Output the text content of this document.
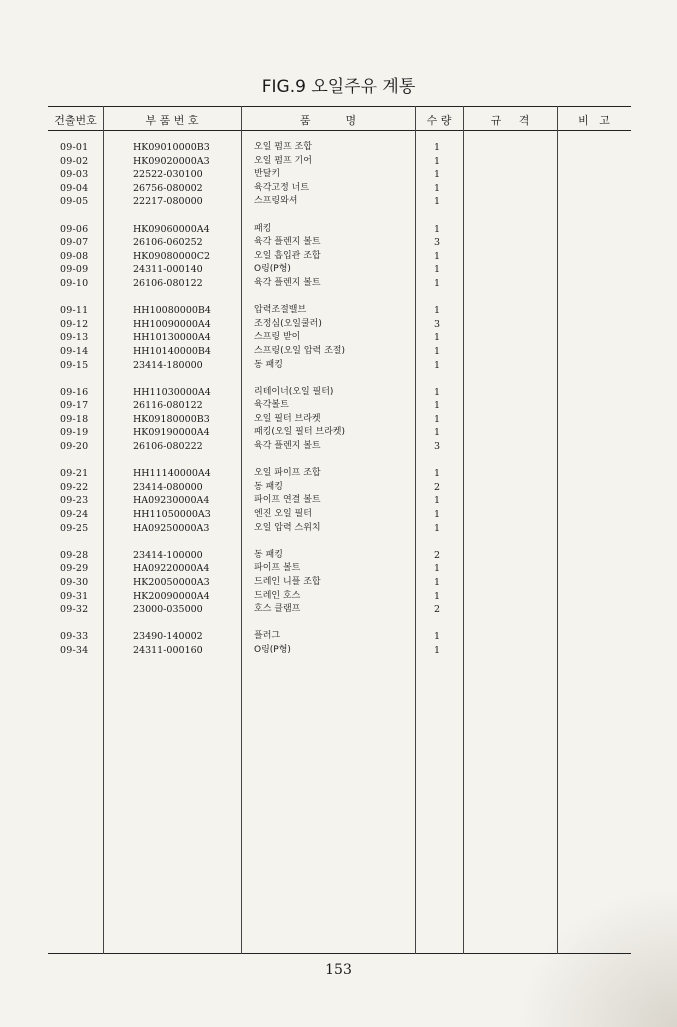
FIG.9 오일주유 계통
건출번호	부 품 번 호	품          명	수 량	규     격	비   고
09-01	HK09010000B3	오일 펌프 조합	1
09-02	HK09020000A3	오일 펌프 기어	1
09-03	22522-030100	반달키	1
09-04	26756-080002	육각고정 너트	1
09-05	22217-080000	스프링와셔	1
09-06	HK09060000A4	패킹	1
09-07	26106-060252	육각 플렌지 볼트	3
09-08	HK09080000C2	오일 흡입관 조합	1
09-09	24311-000140	O링(P형)	1
09-10	26106-080122	육각 플렌지 볼트	1
09-11	HH10080000B4	압력조절밸브	1
09-12	HH10090000A4	조정심(오일쿨러)	3
09-13	HH10130000A4	스프링 받이	1
09-14	HH10140000B4	스프링(오일 압력 조절)	1
09-15	23414-180000	동 패킹	1
09-16	HH11030000A4	리테이너(오일 필터)	1
09-17	26116-080122	육각볼트	1
09-18	HK09180000B3	오일 필터 브라켓	1
09-19	HK09190000A4	패킹(오일 필터 브라켓)	1
09-20	26106-080222	육각 플렌지 볼트	3
09-21	HH11140000A4	오일 파이프 조합	1
09-22	23414-080000	동 패킹	2
09-23	HA09230000A4	파이프 연결 볼트	1
09-24	HH11050000A3	엔진 오일 필터	1
09-25	HA09250000A3	오일 압력 스위치	1
09-28	23414-100000	동 패킹	2
09-29	HA09220000A4	파이프 볼트	1
09-30	HK20050000A3	드레인 니플 조합	1
09-31	HK20090000A4	드레인 호스	1
09-32	23000-035000	호스 클램프	2
09-33	23490-140002	플러그	1
09-34	24311-000160	O링(P형)	1
153
